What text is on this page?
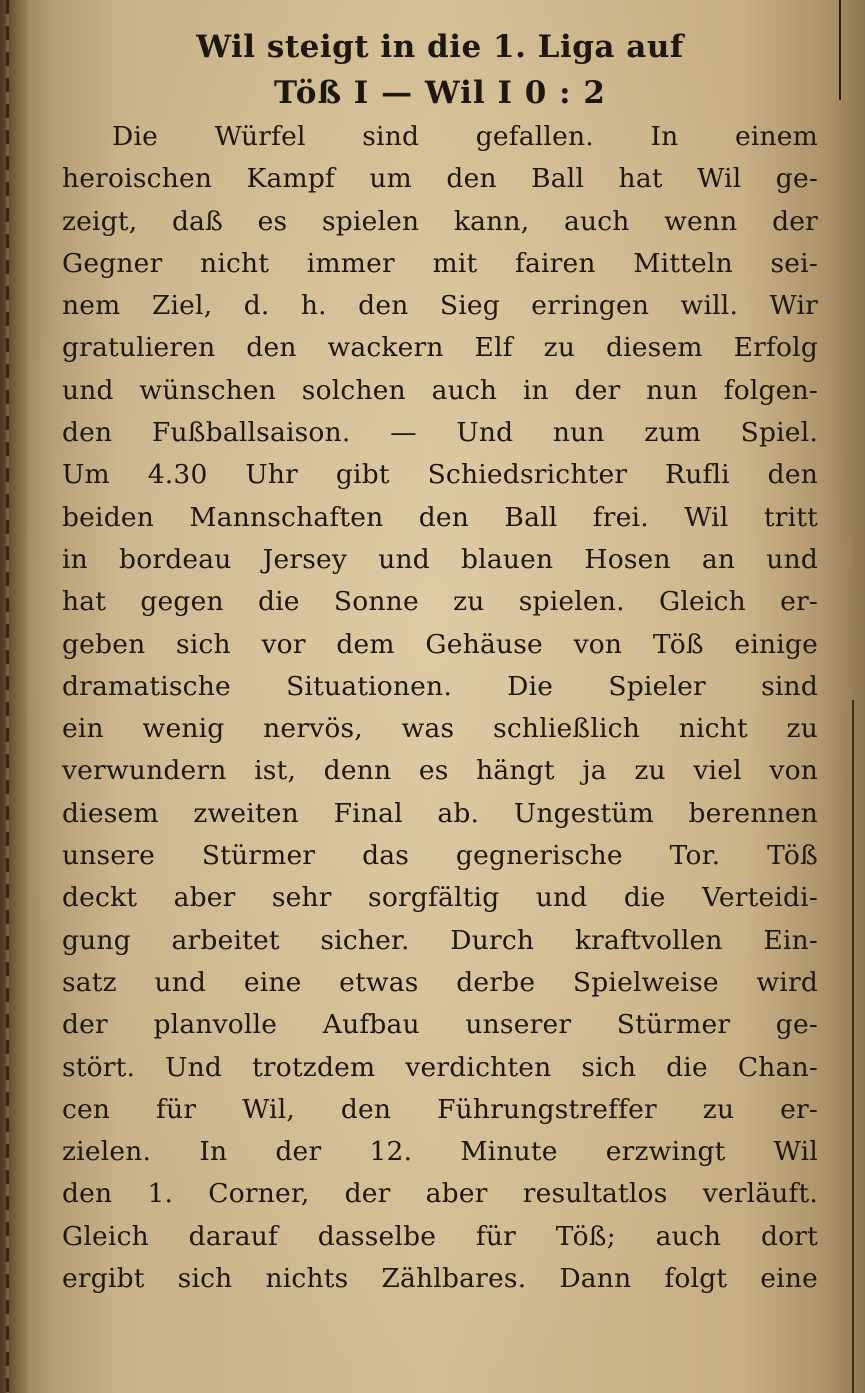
Wil steigt in die 1. Liga auf
Töß I — Wil I 0 : 2
Die Würfel sind gefallen. In einem
heroischen Kampf um den Ball hat Wil ge-
zeigt, daß es spielen kann, auch wenn der
Gegner nicht immer mit fairen Mitteln sei-
nem Ziel, d. h. den Sieg erringen will. Wir
gratulieren den wackern Elf zu diesem Erfolg
und wünschen solchen auch in der nun folgen-
den Fußballsaison. — Und nun zum Spiel.
Um 4.30 Uhr gibt Schiedsrichter Rufli den
beiden Mannschaften den Ball frei. Wil tritt
in bordeau Jersey und blauen Hosen an und
hat gegen die Sonne zu spielen. Gleich er-
geben sich vor dem Gehäuse von Töß einige
dramatische Situationen. Die Spieler sind
ein wenig nervös, was schließlich nicht zu
verwundern ist, denn es hängt ja zu viel von
diesem zweiten Final ab. Ungestüm berennen
unsere Stürmer das gegnerische Tor. Töß
deckt aber sehr sorgfältig und die Verteidi-
gung arbeitet sicher. Durch kraftvollen Ein-
satz und eine etwas derbe Spielweise wird
der planvolle Aufbau unserer Stürmer ge-
stört. Und trotzdem verdichten sich die Chan-
cen für Wil, den Führungstreffer zu er-
zielen. In der 12. Minute erzwingt Wil
den 1. Corner, der aber resultatlos verläuft.
Gleich darauf dasselbe für Töß; auch dort
ergibt sich nichts Zählbares. Dann folgt eine
